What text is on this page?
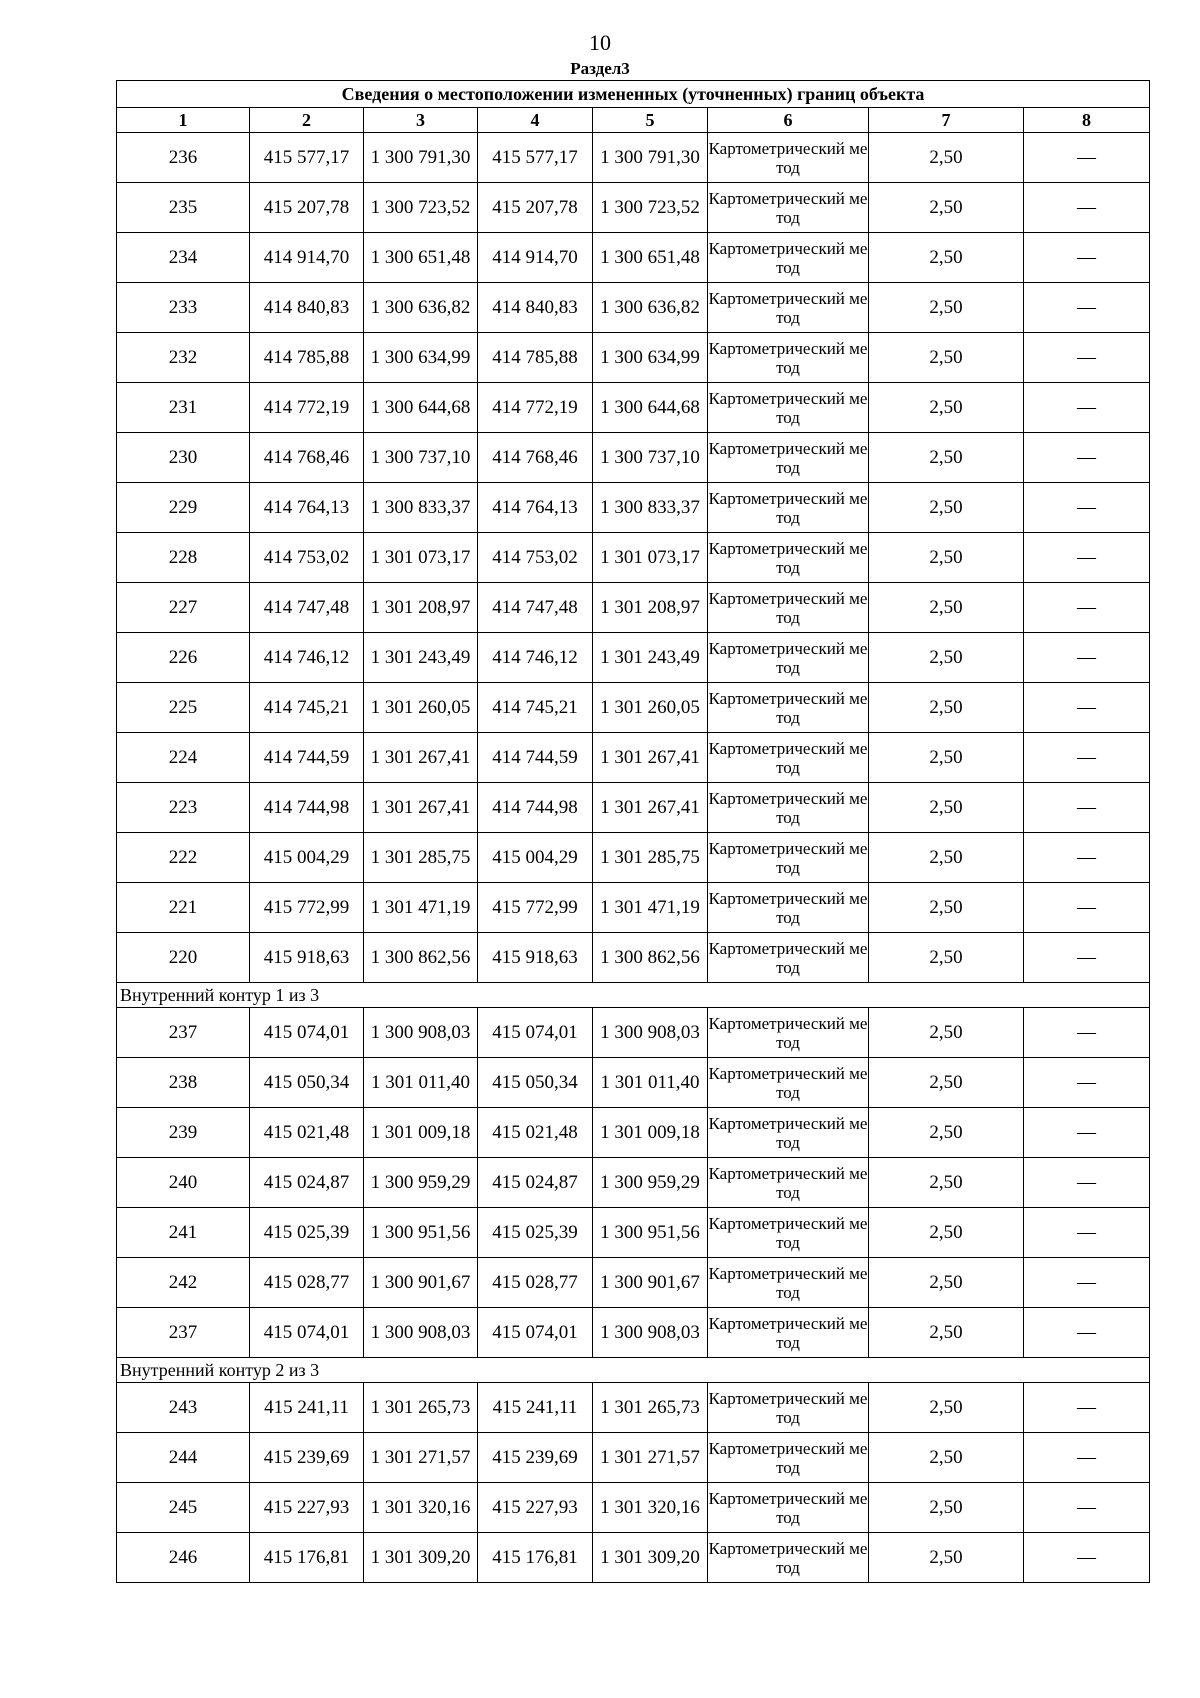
10
Раздел3
Сведения о местоположении измененных (уточненных) границ объекта							
1	2	3	4	5	6	7	8
236	415 577,17	1 300 791,30	415 577,17	1 300 791,30	Картометрический метод	2,50	—
235	415 207,78	1 300 723,52	415 207,78	1 300 723,52	Картометрический метод	2,50	—
234	414 914,70	1 300 651,48	414 914,70	1 300 651,48	Картометрический метод	2,50	—
233	414 840,83	1 300 636,82	414 840,83	1 300 636,82	Картометрический метод	2,50	—
232	414 785,88	1 300 634,99	414 785,88	1 300 634,99	Картометрический метод	2,50	—
231	414 772,19	1 300 644,68	414 772,19	1 300 644,68	Картометрический метод	2,50	—
230	414 768,46	1 300 737,10	414 768,46	1 300 737,10	Картометрический метод	2,50	—
229	414 764,13	1 300 833,37	414 764,13	1 300 833,37	Картометрический метод	2,50	—
228	414 753,02	1 301 073,17	414 753,02	1 301 073,17	Картометрический метод	2,50	—
227	414 747,48	1 301 208,97	414 747,48	1 301 208,97	Картометрический метод	2,50	—
226	414 746,12	1 301 243,49	414 746,12	1 301 243,49	Картометрический метод	2,50	—
225	414 745,21	1 301 260,05	414 745,21	1 301 260,05	Картометрический метод	2,50	—
224	414 744,59	1 301 267,41	414 744,59	1 301 267,41	Картометрический метод	2,50	—
223	414 744,98	1 301 267,41	414 744,98	1 301 267,41	Картометрический метод	2,50	—
222	415 004,29	1 301 285,75	415 004,29	1 301 285,75	Картометрический метод	2,50	—
221	415 772,99	1 301 471,19	415 772,99	1 301 471,19	Картометрический метод	2,50	—
220	415 918,63	1 300 862,56	415 918,63	1 300 862,56	Картометрический метод	2,50	—
Внутренний контур 1 из 3							
237	415 074,01	1 300 908,03	415 074,01	1 300 908,03	Картометрический метод	2,50	—
238	415 050,34	1 301 011,40	415 050,34	1 301 011,40	Картометрический метод	2,50	—
239	415 021,48	1 301 009,18	415 021,48	1 301 009,18	Картометрический метод	2,50	—
240	415 024,87	1 300 959,29	415 024,87	1 300 959,29	Картометрический метод	2,50	—
241	415 025,39	1 300 951,56	415 025,39	1 300 951,56	Картометрический метод	2,50	—
242	415 028,77	1 300 901,67	415 028,77	1 300 901,67	Картометрический метод	2,50	—
237	415 074,01	1 300 908,03	415 074,01	1 300 908,03	Картометрический метод	2,50	—
Внутренний контур 2 из 3							
243	415 241,11	1 301 265,73	415 241,11	1 301 265,73	Картометрический метод	2,50	—
244	415 239,69	1 301 271,57	415 239,69	1 301 271,57	Картометрический метод	2,50	—
245	415 227,93	1 301 320,16	415 227,93	1 301 320,16	Картометрический метод	2,50	—
246	415 176,81	1 301 309,20	415 176,81	1 301 309,20	Картометрический метод	2,50	—
